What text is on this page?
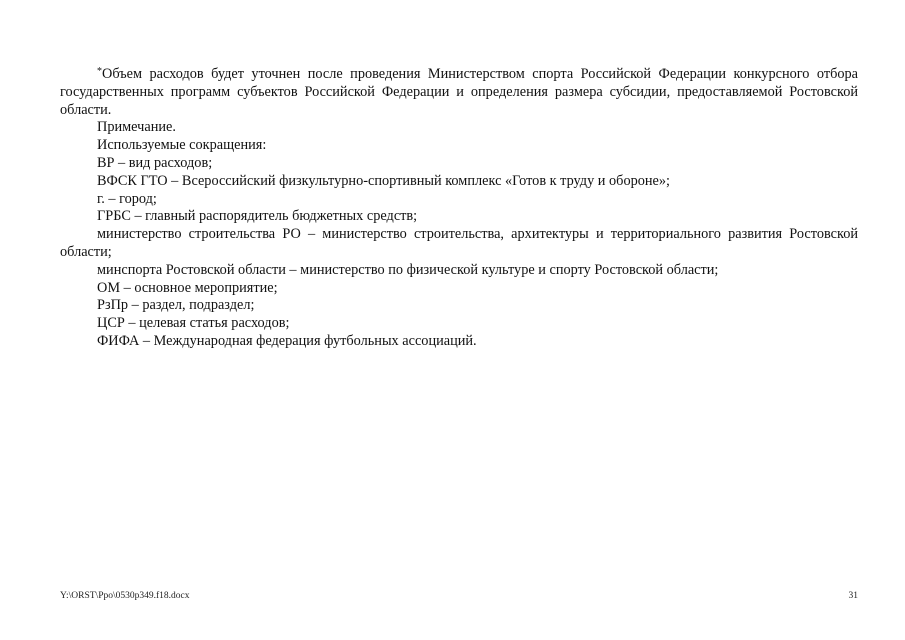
*Объем расходов будет уточнен после проведения Министерством спорта Российской Федерации конкурсного отбора государственных программ субъектов Российской Федерации и определения размера субсидии, предоставляемой Ростовской области.

Примечание.

Используемые сокращения:

ВР – вид расходов;

ВФСК ГТО – Всероссийский физкультурно-спортивный комплекс «Готов к труду и обороне»;

г. – город;

ГРБС – главный распорядитель бюджетных средств;

министерство строительства РО – министерство строительства, архитектуры и территориального развития Ростовской области;

минспорта Ростовской области – министерство по физической культуре и спорту Ростовской области;

ОМ – основное мероприятие;

РзПр – раздел, подраздел;

ЦСР – целевая статья расходов;

ФИФА – Международная федерация футбольных ассоциаций.

Y:\ORST\Ppo\0530p349.f18.docx	31
